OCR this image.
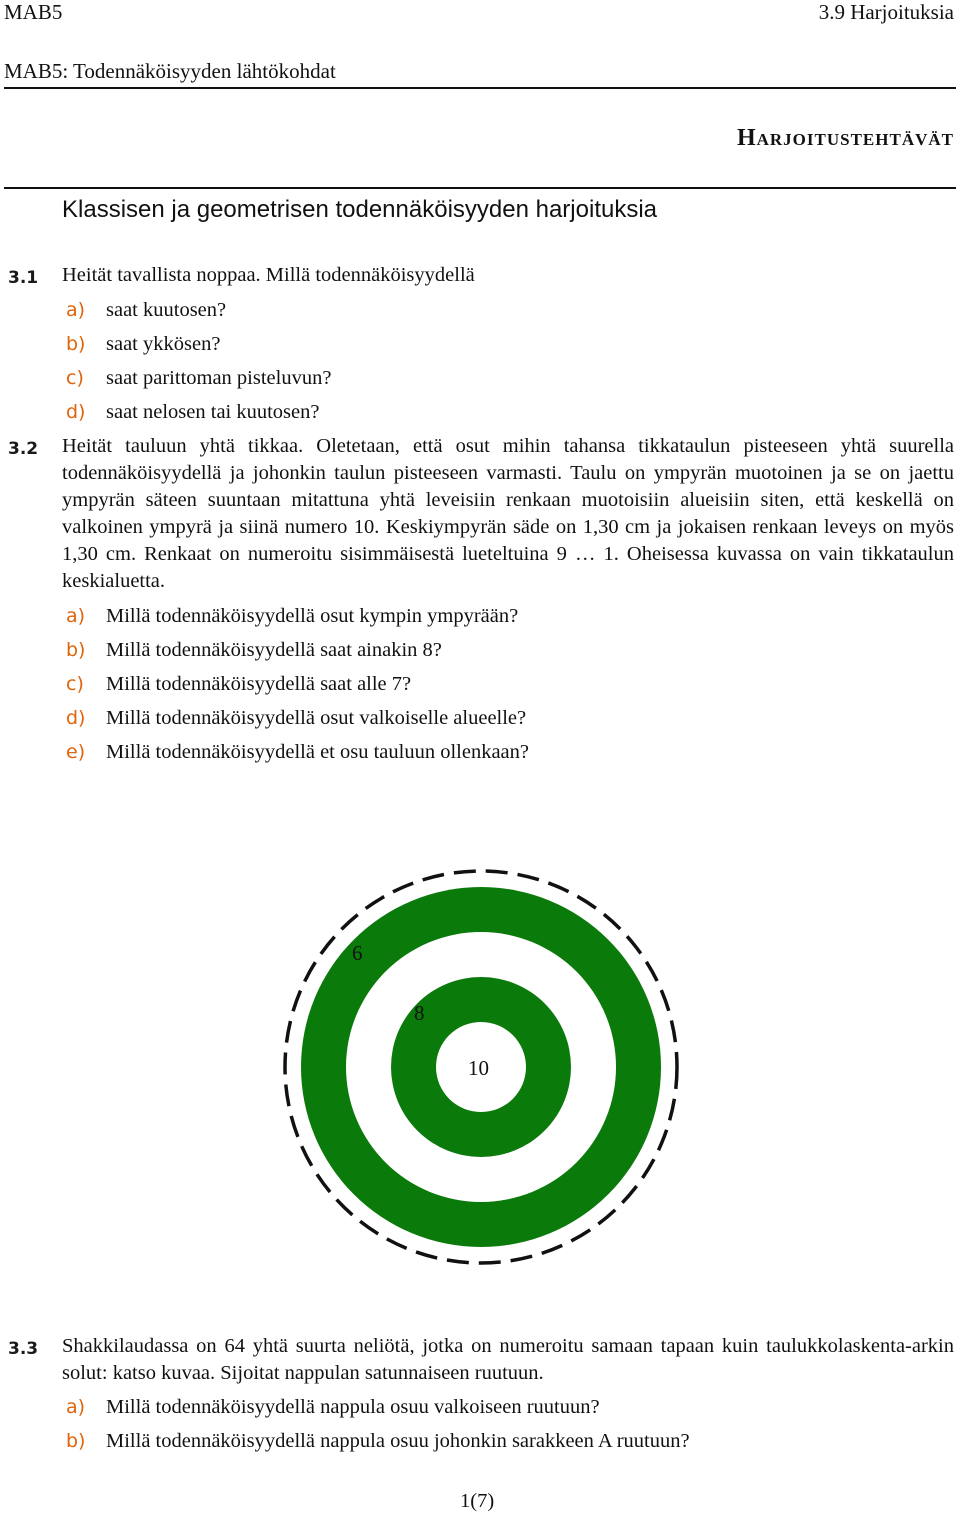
MAB5	3.9 Harjoituksia
MAB5: Todennäköisyyden lähtökohdat
Harjoitustehtävät
Klassisen ja geometrisen todennäköisyyden harjoituksia
3.1 Heität tavallista noppaa. Millä todennäköisyydellä
a) saat kuutosen?
b) saat ykkösen?
c) saat parittoman pisteluvun?
d) saat nelosen tai kuutosen?
3.2 Heität tauluun yhtä tikkaa. Oletetaan, että osut mihin tahansa tikkataulun pisteeseen yhtä suurella todennäköisyydellä ja johonkin taulun pisteeseen varmasti. Taulu on ympyrän muotoinen ja se on jaettu ympyrän säteen suuntaan mitattuna yhtä leveisiin renkaan muotoisiin alueisiin siten, että keskellä on valkoinen ympyrä ja siinä numero 10. Keskiympyrän säde on 1,30 cm ja jokaisen renkaan leveys on myös 1,30 cm. Renkaat on numeroitu sisimmäisestä lueteltuina 9 … 1. Oheisessa kuvassa on vain tikkataulun keskialuetta.
a) Millä todennäköisyydellä osut kympin ympyrään?
b) Millä todennäköisyydellä saat ainakin 8?
c) Millä todennäköisyydellä saat alle 7?
d) Millä todennäköisyydellä osut valkoiselle alueelle?
e) Millä todennäköisyydellä et osu tauluun ollenkaan?
6
8
10
3.3 Shakkilaudassa on 64 yhtä suurta neliötä, jotka on numeroitu samaan tapaan kuin taulukkolaskenta-arkin solut: katso kuvaa. Sijoitat nappulan satunnaiseen ruutuun.
a) Millä todennäköisyydellä nappula osuu valkoiseen ruutuun?
b) Millä todennäköisyydellä nappula osuu johonkin sarakkeen A ruutuun?
1(7)
